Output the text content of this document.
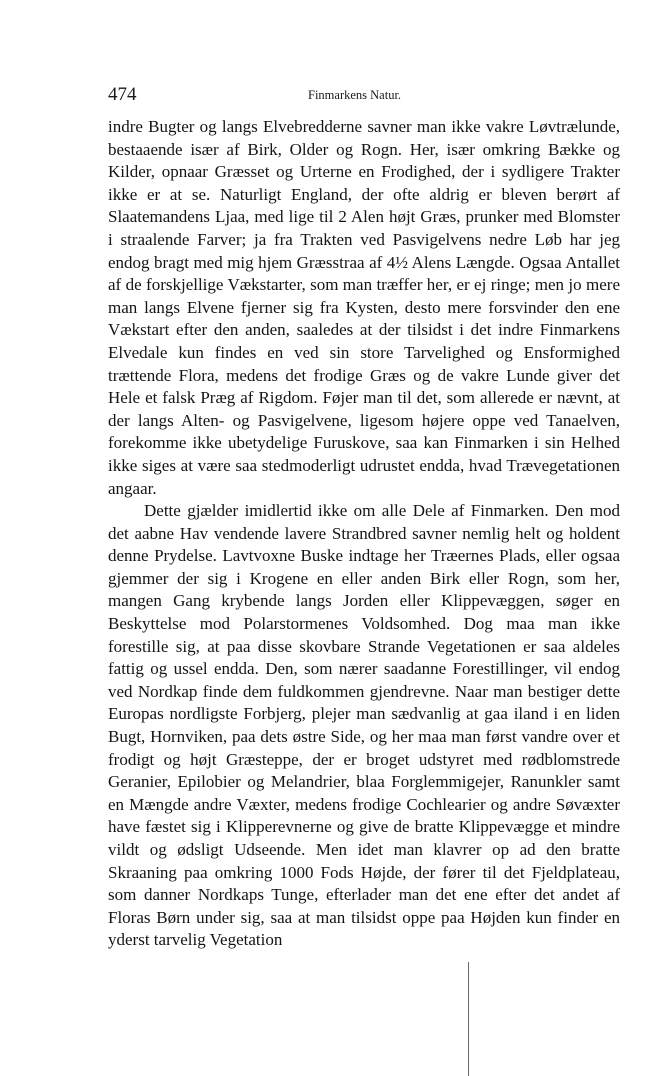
474	Finmarkens Natur.

indre Bugter og langs Elvebredderne savner man ikke vakre Løvtrælunde, bestaaende især af Birk, Older og Rogn. Her, især omkring Bække og Kilder, opnaar Græsset og Urterne en Frodighed, der i sydligere Trakter ikke er at se. Naturligt England, der ofte aldrig er bleven berørt af Slaatemandens Ljaa, med lige til 2 Alen højt Græs, prunker med Blomster i straalende Farver; ja fra Trakten ved Pasvigelvens nedre Løb har jeg endog bragt med mig hjem Græsstraa af 4½ Alens Længde. Ogsaa Antallet af de forskjellige Vækstarter, som man træffer her, er ej ringe; men jo mere man langs Elvene fjerner sig fra Kysten, desto mere forsvinder den ene Vækstart efter den anden, saaledes at der tilsidst i det indre Finmarkens Elvedale kun findes en ved sin store Tarvelighed og Ensformighed trættende Flora, medens det frodige Græs og de vakre Lunde giver det Hele et falsk Præg af Rigdom. Føjer man til det, som allerede er nævnt, at der langs Alten- og Pasvigelvene, ligesom højere oppe ved Tanaelven, forekomme ikke ubetydelige Furuskove, saa kan Finmarken i sin Helhed ikke siges at være saa stedmoderligt udrustet endda, hvad Trævegetationen angaar.

Dette gjælder imidlertid ikke om alle Dele af Finmarken. Den mod det aabne Hav vendende lavere Strandbred savner nemlig helt og holdent denne Prydelse. Lavtvoxne Buske indtage her Træernes Plads, eller ogsaa gjemmer der sig i Krogene en eller anden Birk eller Rogn, som her, mangen Gang krybende langs Jorden eller Klippevæggen, søger en Beskyttelse mod Polarstormenes Voldsomhed. Dog maa man ikke forestille sig, at paa disse skovbare Strande Vegetationen er saa aldeles fattig og ussel endda. Den, som nærer saadanne Forestillinger, vil endog ved Nordkap finde dem fuldkommen gjendrevne. Naar man bestiger dette Europas nordligste Forbjerg, plejer man sædvanlig at gaa iland i en liden Bugt, Hornviken, paa dets østre Side, og her maa man først vandre over et frodigt og højt Græsteppe, der er broget udstyret med rødblomstrede Geranier, Epilobier og Melandrier, blaa Forglemmigejer, Ranunkler samt en Mængde andre Væxter, medens frodige Cochlearier og andre Søvæxter have fæstet sig i Klipperevnerne og give de bratte Klippevægge et mindre vildt og ødsligt Udseende. Men idet man klavrer op ad den bratte Skraaning paa omkring 1000 Fods Højde, der fører til det Fjeldplateau, som danner Nordkaps Tunge, efterlader man det ene efter det andet af Floras Børn under sig, saa at man tilsidst oppe paa Højden kun finder en yderst tarvelig Vegetation
